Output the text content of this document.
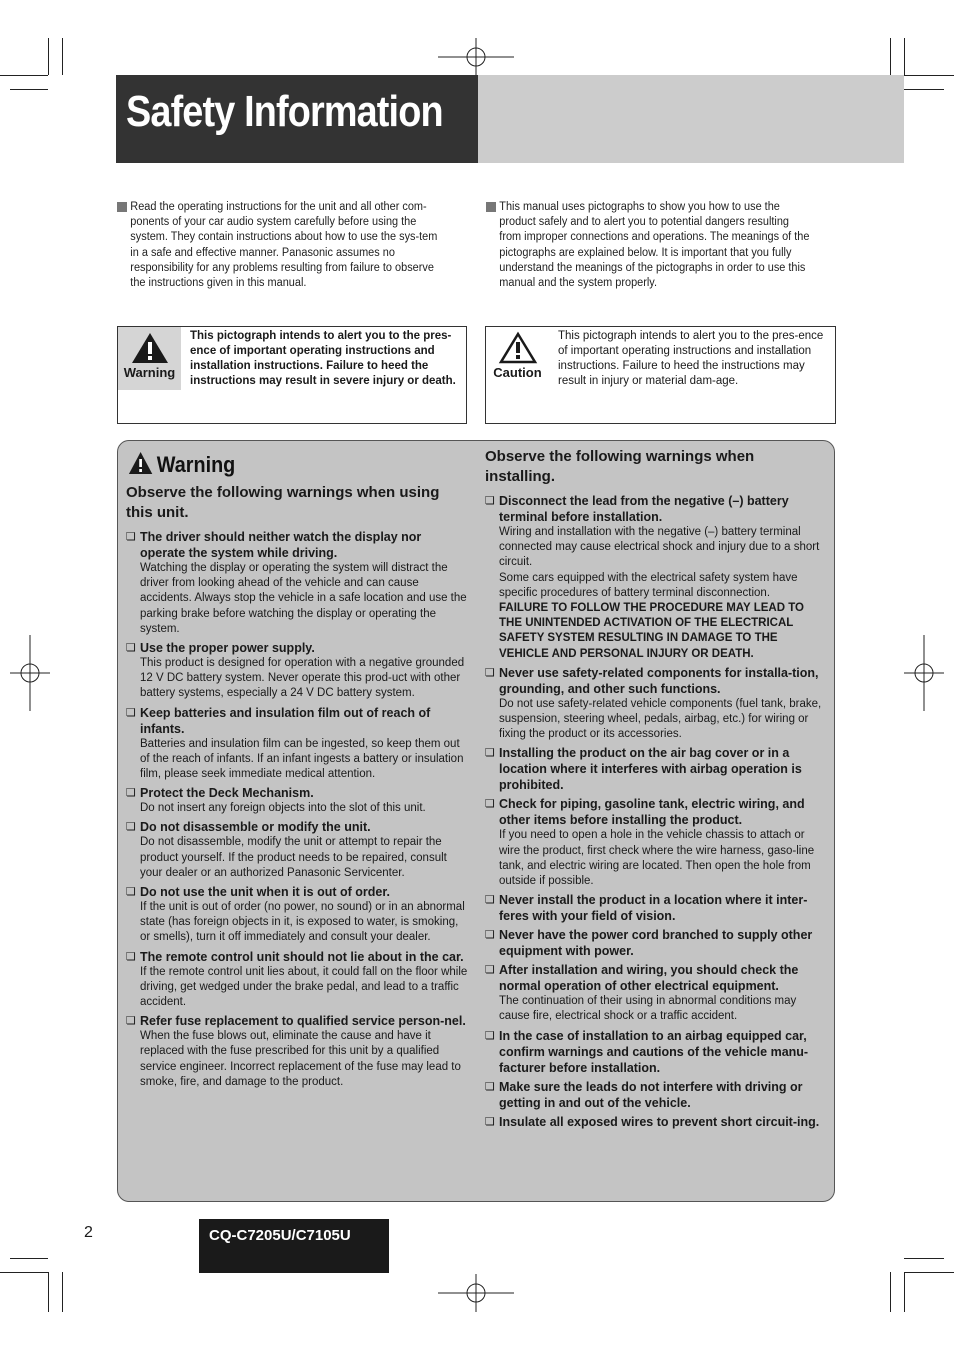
Safety Information
Read the operating instructions for the unit and all other com-ponents of your car audio system carefully before using the system. They contain instructions about how to use the sys-tem in a safe and effective manner. Panasonic assumes no responsibility for any problems resulting from failure to observe the instructions given in this manual.
This manual uses pictographs to show you how to use the product safely and to alert you to potential dangers resulting from improper connections and operations. The meanings of the pictographs are explained below. It is important that you fully understand the meanings of the pictographs in order to use this manual and the system properly.
Warning
This pictograph intends to alert you to the pres-ence of important operating instructions and installation instructions. Failure to heed the instructions may result in severe injury or death.
Caution
This pictograph intends to alert you to the pres-ence of important operating instructions and installation instructions. Failure to heed the instructions may result in injury or material dam-age.
Warning
Observe the following warnings when using this unit.
❏ The driver should neither watch the display nor operate the system while driving.
Watching the display or operating the system will distract the driver from looking ahead of the vehicle and can cause accidents. Always stop the vehicle in a safe location and use the parking brake before watching the display or operating the system.
❏ Use the proper power supply.
This product is designed for operation with a negative grounded 12 V DC battery system. Never operate this prod-uct with other battery systems, especially a 24 V DC battery system.
❏ Keep batteries and insulation film out of reach of infants.
Batteries and insulation film can be ingested, so keep them out of the reach of infants. If an infant ingests a battery or insulation film, please seek immediate medical attention.
❏ Protect the Deck Mechanism.
Do not insert any foreign objects into the slot of this unit.
❏ Do not disassemble or modify the unit.
Do not disassemble, modify the unit or attempt to repair the product yourself. If the product needs to be repaired, consult your dealer or an authorized Panasonic Servicenter.
❏ Do not use the unit when it is out of order.
If the unit is out of order (no power, no sound) or in an abnormal state (has foreign objects in it, is exposed to water, is smoking, or smells), turn it off immediately and consult your dealer.
❏ The remote control unit should not lie about in the car.
If the remote control unit lies about, it could fall on the floor while driving, get wedged under the brake pedal, and lead to a traffic accident.
❏ Refer fuse replacement to qualified service person-nel.
When the fuse blows out, eliminate the cause and have it replaced with the fuse prescribed for this unit by a qualified service engineer. Incorrect replacement of the fuse may lead to smoke, fire, and damage to the product.
Observe the following warnings when installing.
❏ Disconnect the lead from the negative (–) battery terminal before installation.
Wiring and installation with the negative (–) battery terminal connected may cause electrical shock and injury due to a short circuit.
Some cars equipped with the electrical safety system have specific procedures of battery terminal disconnection.
FAILURE TO FOLLOW THE PROCEDURE MAY LEAD TO THE UNINTENDED ACTIVATION OF THE ELECTRICAL SAFETY SYSTEM RESULTING IN DAMAGE TO THE VEHICLE AND PERSONAL INJURY OR DEATH.
❏ Never use safety-related components for installa-tion, grounding, and other such functions.
Do not use safety-related vehicle components (fuel tank, brake, suspension, steering wheel, pedals, airbag, etc.) for wiring or fixing the product or its accessories.
❏ Installing the product on the air bag cover or in a location where it interferes with airbag operation is prohibited.
❏ Check for piping, gasoline tank, electric wiring, and other items before installing the product.
If you need to open a hole in the vehicle chassis to attach or wire the product, first check where the wire harness, gaso-line tank, and electric wiring are located. Then open the hole from outside if possible.
❏ Never install the product in a location where it inter-feres with your field of vision.
❏ Never have the power cord branched to supply other equipment with power.
❏ After installation and wiring, you should check the normal operation of other electrical equipment.
The continuation of their using in abnormal conditions may cause fire, electrical shock or a traffic accident.
❏ In the case of installation to an airbag equipped car, confirm warnings and cautions of the vehicle manu-facturer before installation.
❏ Make sure the leads do not interfere with driving or getting in and out of the vehicle.
❏ Insulate all exposed wires to prevent short circuit-ing.
2	CQ-C7205U/C7105U
